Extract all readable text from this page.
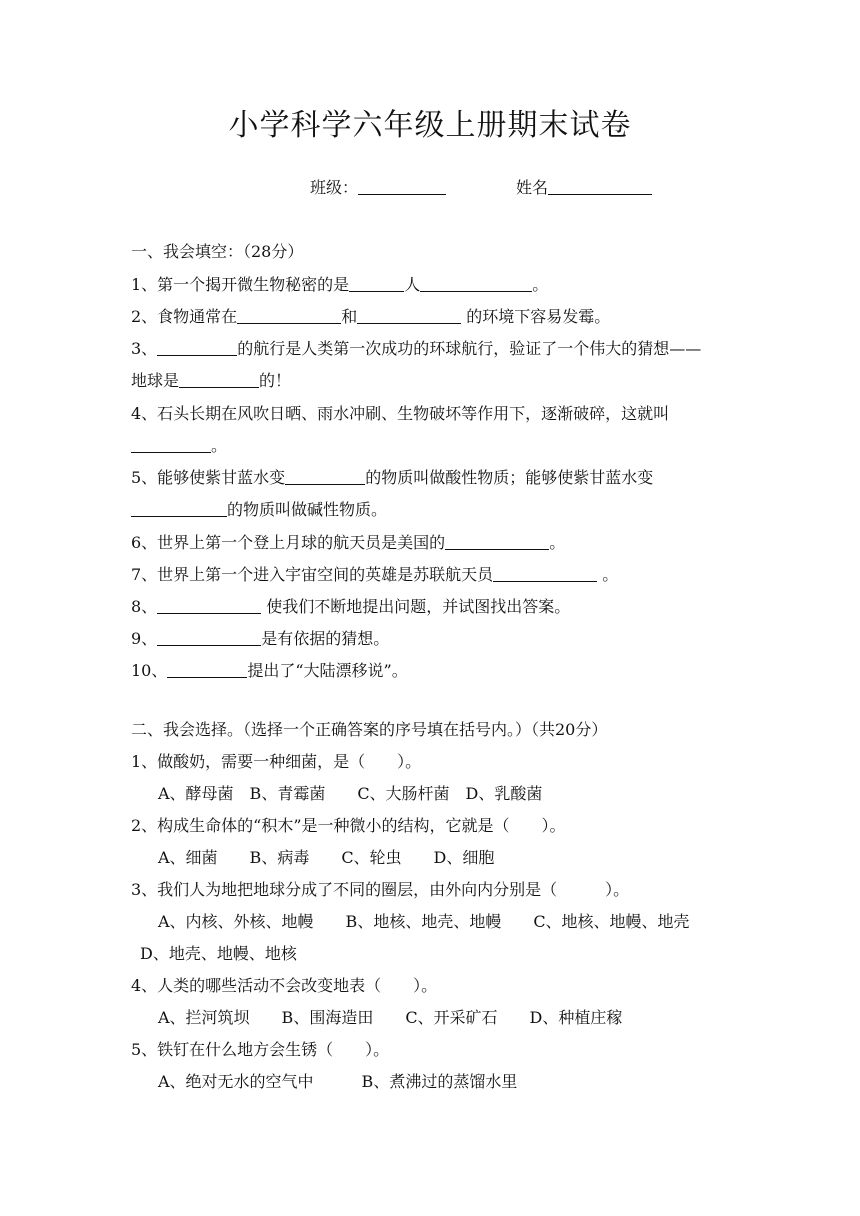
小学科学六年级上册期末试卷
班级：	姓名
一、我会填空：（28分）
1、第一个揭开微生物秘密的是	人	。
2、食物通常在	和	的环境下容易发霉。
3、	的航行是人类第一次成功的环球航行，验证了一个伟大的猜想——
地球是	的！
4、石头长期在风吹日晒、雨水冲刷、生物破坏等作用下，逐渐破碎，这就叫
。
5、能够使紫甘蓝水变	的物质叫做酸性物质；能够使紫甘蓝水变
的物质叫做碱性物质。
6、世界上第一个登上月球的航天员是美国的	。
7、世界上第一个进入宇宙空间的英雄是苏联航天员	。
8、	使我们不断地提出问题，并试图找出答案。
9、	是有依据的猜想。
10、	提出了“大陆漂移说”。
二、我会选择。（选择一个正确答案的序号填在括号内。）（共20分）
1、做酸奶，需要一种细菌，是（　　）。
A、酵母菌　B、青霉菌　　C、大肠杆菌　D、乳酸菌
2、构成生命体的“积木”是一种微小的结构，它就是（　　）。
A、细菌　　B、病毒　　C、轮虫　　D、细胞
3、我们人为地把地球分成了不同的圈层，由外向内分别是（　　　）。
A、内核、外核、地幔　　B、地核、地壳、地幔　　C、地核、地幔、地壳
D、地壳、地幔、地核
4、人类的哪些活动不会改变地表（　　）。
A、拦河筑坝　　B、围海造田　　C、开采矿石　　D、种植庄稼
5、铁钉在什么地方会生锈（　　）。
A、绝对无水的空气中　　　B、煮沸过的蒸馏水里
